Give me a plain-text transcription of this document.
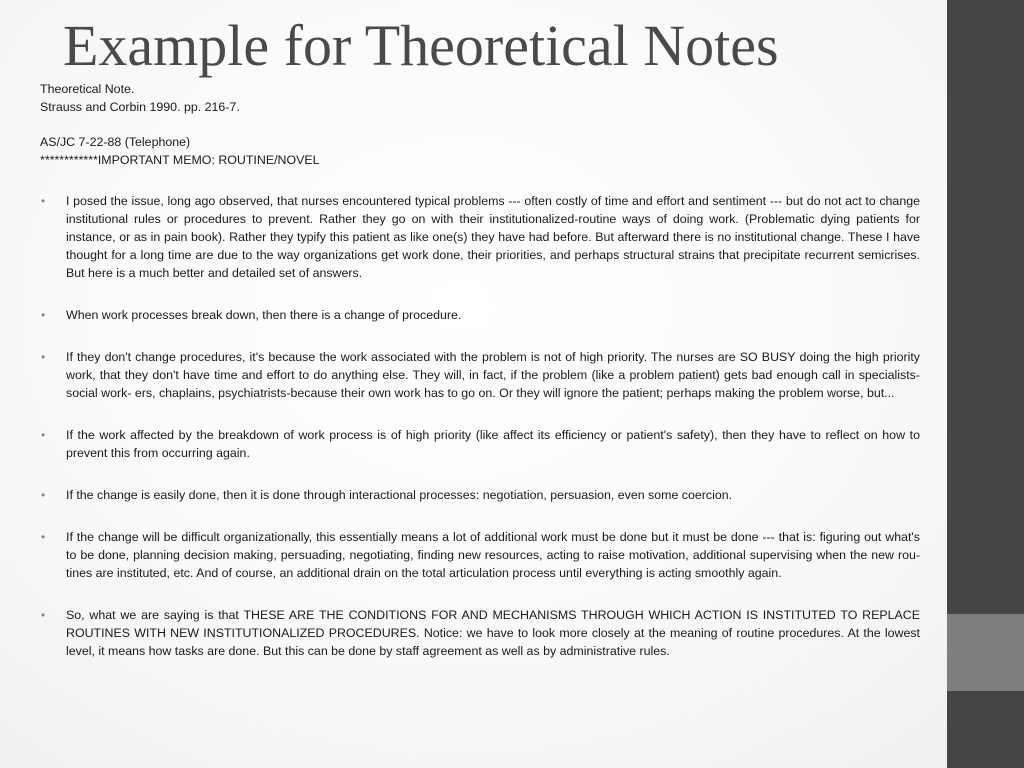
Example for Theoretical Notes

Theoretical Note.

Strauss and Corbin 1990. pp. 216-7.

AS/JC 7-22-88 (Telephone)

************IMPORTANT MEMO: ROUTINE/NOVEL

• I posed the issue, long ago observed, that nurses encountered typical problems --- often costly of time and effort and sentiment --- but do not act to change institutional rules or procedures to prevent. Rather they go on with their institutionalized-routine ways of doing work. (Problematic dying patients for instance, or as in pain book). Rather they typify this patient as like one(s) they have had before. But afterward there is no institutional change. These I have thought for a long time are due to the way organizations get work done, their priorities, and perhaps structural strains that precipitate recurrent semicrises. But here is a much better and detailed set of answers.
• When work processes break down, then there is a change of procedure.
• If they don't change procedures, it's because the work associated with the problem is not of high priority. The nurses are SO BUSY doing the high priority work, that they don't have time and effort to do anything else. They will, in fact, if the problem (like a problem patient) gets bad enough call in specialists-social work- ers, chaplains, psychiatrists-because their own work has to go on. Or they will ignore the patient; perhaps making the problem worse, but...
• If the work affected by the breakdown of work process is of high priority (like affect its efficiency or patient's safety), then they have to reflect on how to prevent this from occurring again.
• If the change is easily done, then it is done through interactional processes: negotiation, persuasion, even some coercion.
• If the change will be difficult organizationally, this essentially means a lot of additional work must be done but it must be done --- that is: figuring out what's to be done, planning decision making, persuading, negotiating, finding new resources, acting to raise motivation, additional supervising when the new rou- tines are instituted, etc. And of course, an additional drain on the total articulation process until everything is acting smoothly again.
• So, what we are saying is that THESE ARE THE CONDITIONS FOR AND MECHANISMS THROUGH WHICH ACTION IS INSTITUTED TO REPLACE ROUTINES WITH NEW INSTITUTIONALIZED PROCEDURES. Notice: we have to look more closely at the meaning of routine procedures. At the lowest level, it means how tasks are done. But this can be done by staff agreement as well as by administrative rules.
